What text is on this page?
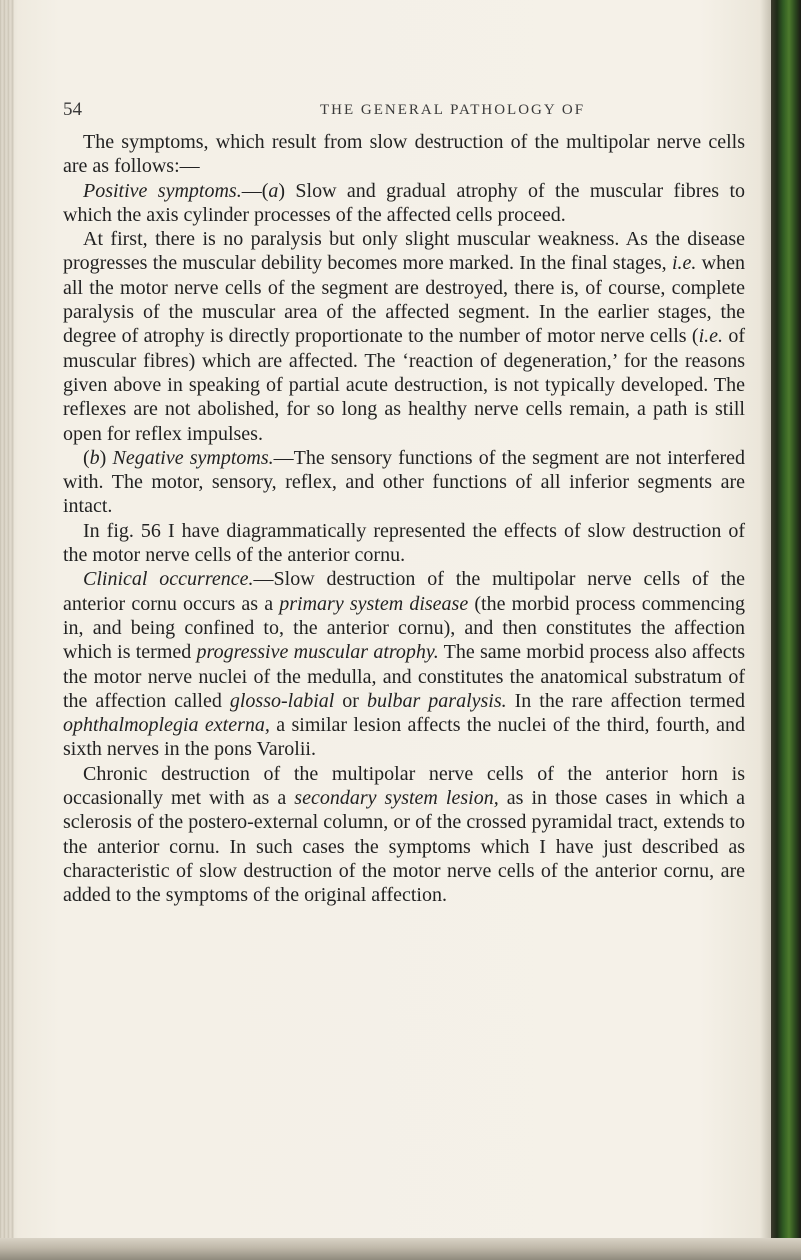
54	THE GENERAL PATHOLOGY OF

The symptoms, which result from slow destruction of the multipolar nerve cells are as follows:—

Positive symptoms.—(a) Slow and gradual atrophy of the muscular fibres to which the axis cylinder processes of the affected cells proceed.

At first, there is no paralysis but only slight muscular weakness. As the disease progresses the muscular debility becomes more marked. In the final stages, i.e. when all the motor nerve cells of the segment are destroyed, there is, of course, complete paralysis of the muscular area of the affected segment. In the earlier stages, the degree of atrophy is directly proportionate to the number of motor nerve cells (i.e. of muscular fibres) which are affected. The ‘reaction of degeneration,’ for the reasons given above in speaking of partial acute destruction, is not typically developed. The reflexes are not abolished, for so long as healthy nerve cells remain, a path is still open for reflex impulses.

(b) Negative symptoms.—The sensory functions of the segment are not interfered with. The motor, sensory, reflex, and other functions of all inferior segments are intact.

In fig. 56 I have diagrammatically represented the effects of slow destruction of the motor nerve cells of the anterior cornu.

Clinical occurrence.—Slow destruction of the multipolar nerve cells of the anterior cornu occurs as a primary system disease (the morbid process commencing in, and being confined to, the anterior cornu), and then constitutes the affection which is termed progressive muscular atrophy. The same morbid process also affects the motor nerve nuclei of the medulla, and constitutes the anatomical substratum of the affection called glosso-labial or bulbar paralysis. In the rare affection termed ophthalmoplegia externa, a similar lesion affects the nuclei of the third, fourth, and sixth nerves in the pons Varolii.

Chronic destruction of the multipolar nerve cells of the anterior horn is occasionally met with as a secondary system lesion, as in those cases in which a sclerosis of the postero-external column, or of the crossed pyramidal tract, extends to the anterior cornu. In such cases the symptoms which I have just described as characteristic of slow destruction of the motor nerve cells of the anterior cornu, are added to the symptoms of the original affection.
